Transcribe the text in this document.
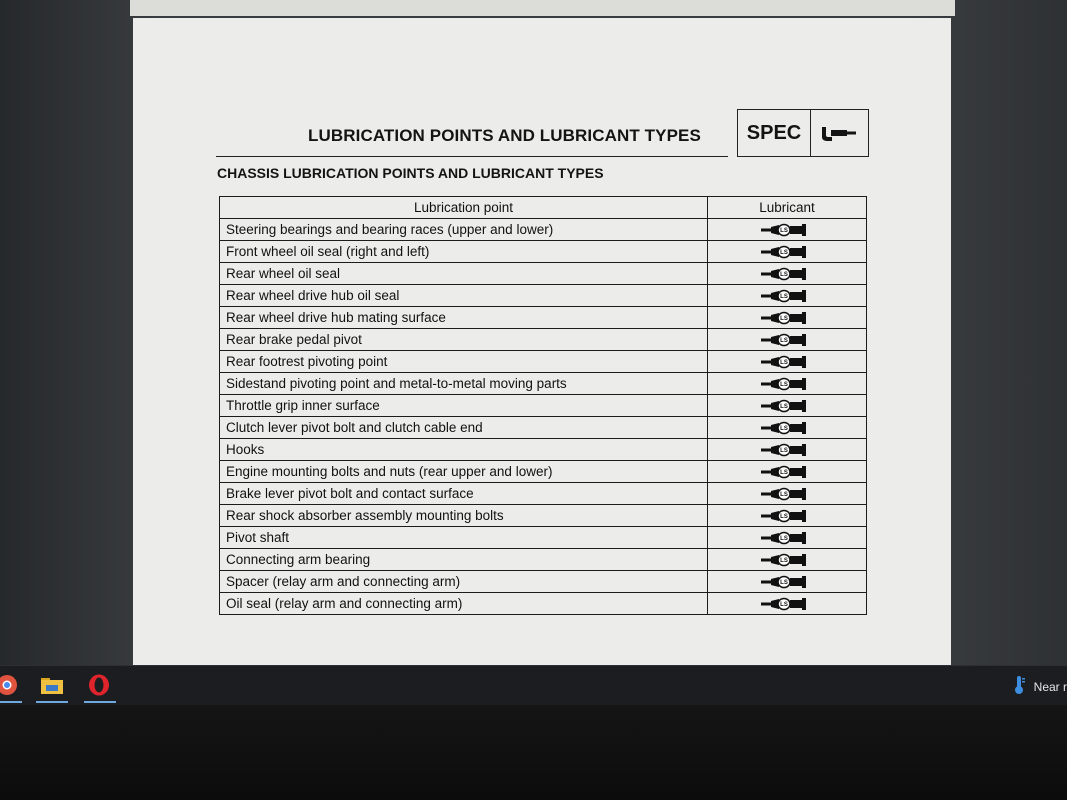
LUBRICATION POINTS AND LUBRICANT TYPES	SPEC
CHASSIS LUBRICATION POINTS AND LUBRICANT TYPES
Lubrication point	Lubricant
Steering bearings and bearing races (upper and lower)	LS

Front wheel oil seal (right and left)	LS

Rear wheel oil seal	LS

Rear wheel drive hub oil seal	LS

Rear wheel drive hub mating surface	LS

Rear brake pedal pivot	LS

Rear footrest pivoting point	LS

Sidestand pivoting point and metal-to-metal moving parts	LS

Throttle grip inner surface	LS

Clutch lever pivot bolt and clutch cable end	LS

Hooks	LS

Engine mounting bolts and nuts (rear upper and lower)	LS

Brake lever pivot bolt and contact surface	LS

Rear shock absorber assembly mounting bolts	LS

Pivot shaft	LS

Connecting arm bearing	LS

Spacer (relay arm and connecting arm)	LS

Oil seal (relay arm and connecting arm)	LS
Near r
